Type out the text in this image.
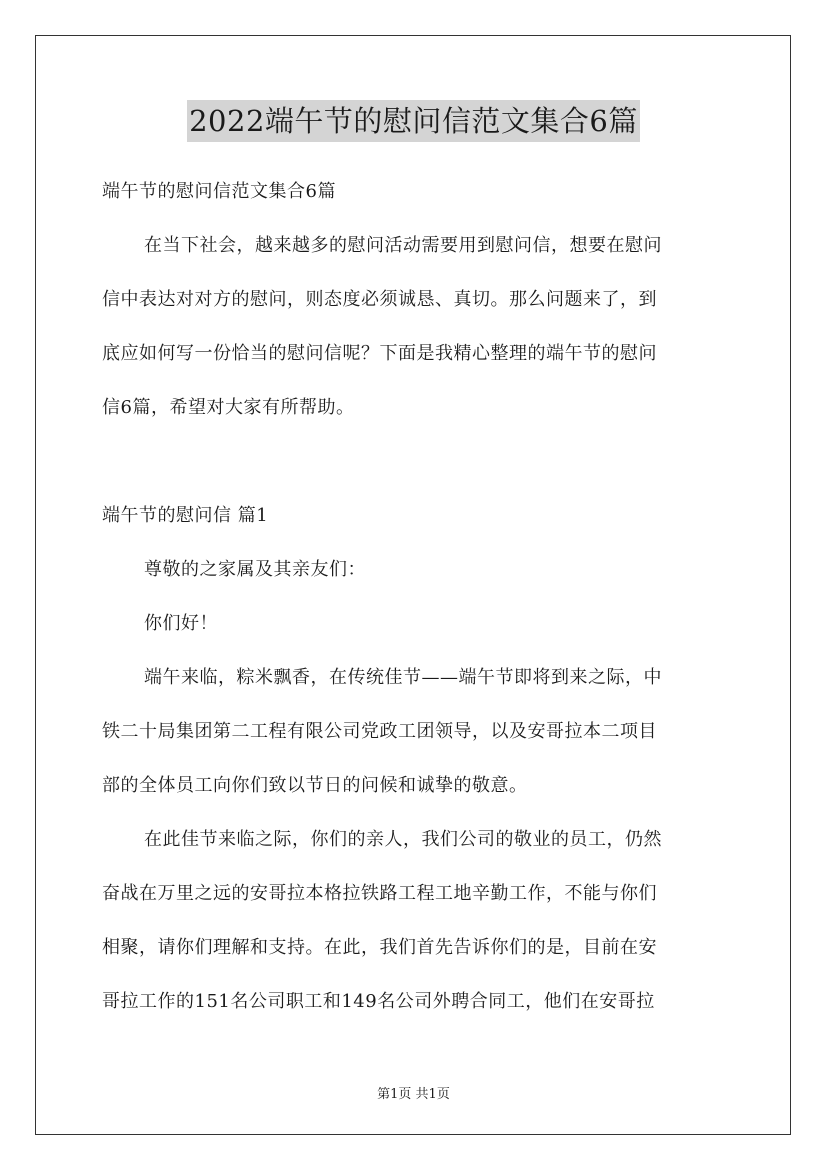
2022端午节的慰问信范文集合6篇
端午节的慰问信范文集合6篇
在当下社会，越来越多的慰问活动需要用到慰问信，想要在慰问
信中表达对对方的慰问，则态度必须诚恳、真切。那么问题来了，到
底应如何写一份恰当的慰问信呢？下面是我精心整理的端午节的慰问
信6篇，希望对大家有所帮助。
端午节的慰问信 篇1
尊敬的之家属及其亲友们：
你们好！
端午来临，粽米飘香，在传统佳节——端午节即将到来之际，中
铁二十局集团第二工程有限公司党政工团领导，以及安哥拉本二项目
部的全体员工向你们致以节日的问候和诚挚的敬意。
在此佳节来临之际，你们的亲人，我们公司的敬业的员工，仍然
奋战在万里之远的安哥拉本格拉铁路工程工地辛勤工作，不能与你们
相聚，请你们理解和支持。在此，我们首先告诉你们的是，目前在安
哥拉工作的151名公司职工和149名公司外聘合同工，他们在安哥拉
第1页 共1页
